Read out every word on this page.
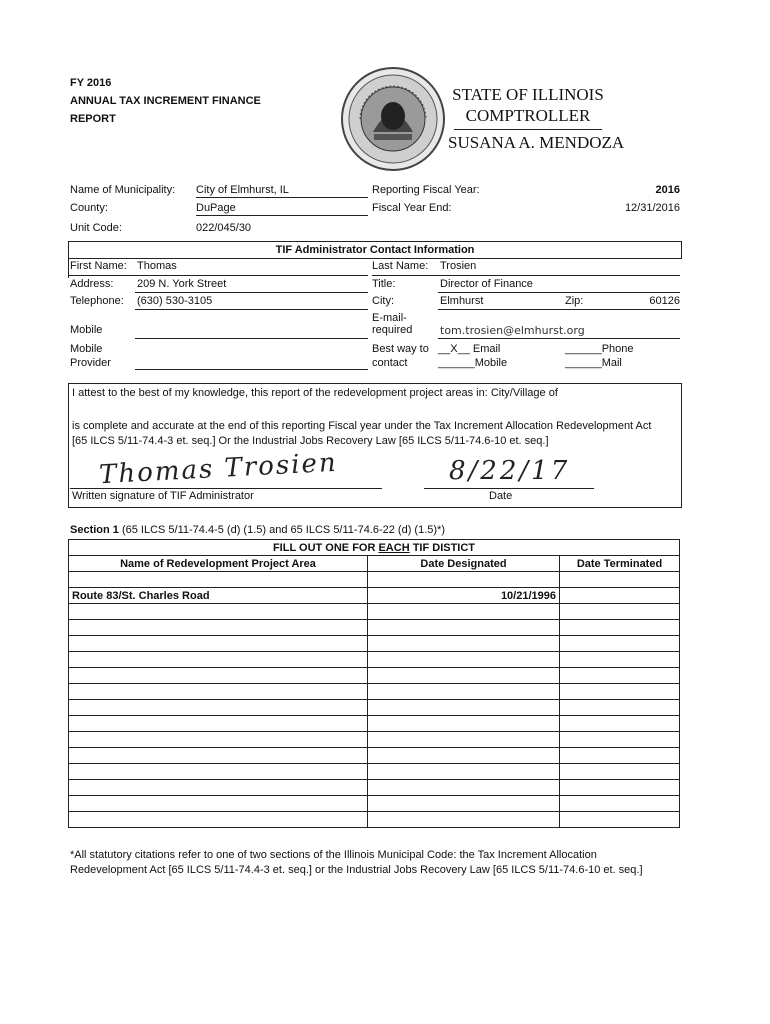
FY 2016
ANNUAL TAX INCREMENT FINANCE
REPORT
STATE OF ILLINOIS
COMPTROLLER
SUSANA A. MENDOZA
Name of Municipality: City of Elmhurst, IL
County:	DuPage
Unit Code:	022/045/30
Reporting Fiscal Year:	2016
Fiscal Year End:	12/31/2016
TIF Administrator Contact Information
First Name: Thomas	Last Name: Trosien
Address: 209 N. York Street	Title:	Director of Finance
Telephone: (630) 530-3105	City:	Elmhurst	Zip:	60126
E-mail-
required	tom.trosien@elmhurst.org
Mobile
Mobile
Provider
Best way to
contact
__X__ Email
______Mobile
______Phone
______Mail
I attest to the best of my knowledge, this report of the redevelopment project areas in: City/Village of
is complete and accurate at the end of this reporting Fiscal year under the Tax Increment Allocation Redevelopment Act
[65 ILCS 5/11-74.4-3 et. seq.] Or the Industrial Jobs Recovery Law [65 ILCS 5/11-74.6-10 et. seq.]
Thomas Trosien
Written signature of TIF Administrator
8/22/17
Date
Section 1 (65 ILCS 5/11-74.4-5 (d) (1.5) and 65 ILCS 5/11-74.6-22 (d) (1.5)*)
FILL OUT ONE FOR EACH TIF DISTICT		
Name of Redevelopment Project Area	Date Designated	Date Terminated

Route 83/St. Charles Road	10/21/1996	

*All statutory citations refer to one of two sections of the Illinois Municipal Code: the Tax Increment Allocation
Redevelopment Act [65 ILCS 5/11-74.4-3 et. seq.] or the Industrial Jobs Recovery Law [65 ILCS 5/11-74.6-10 et. seq.]
